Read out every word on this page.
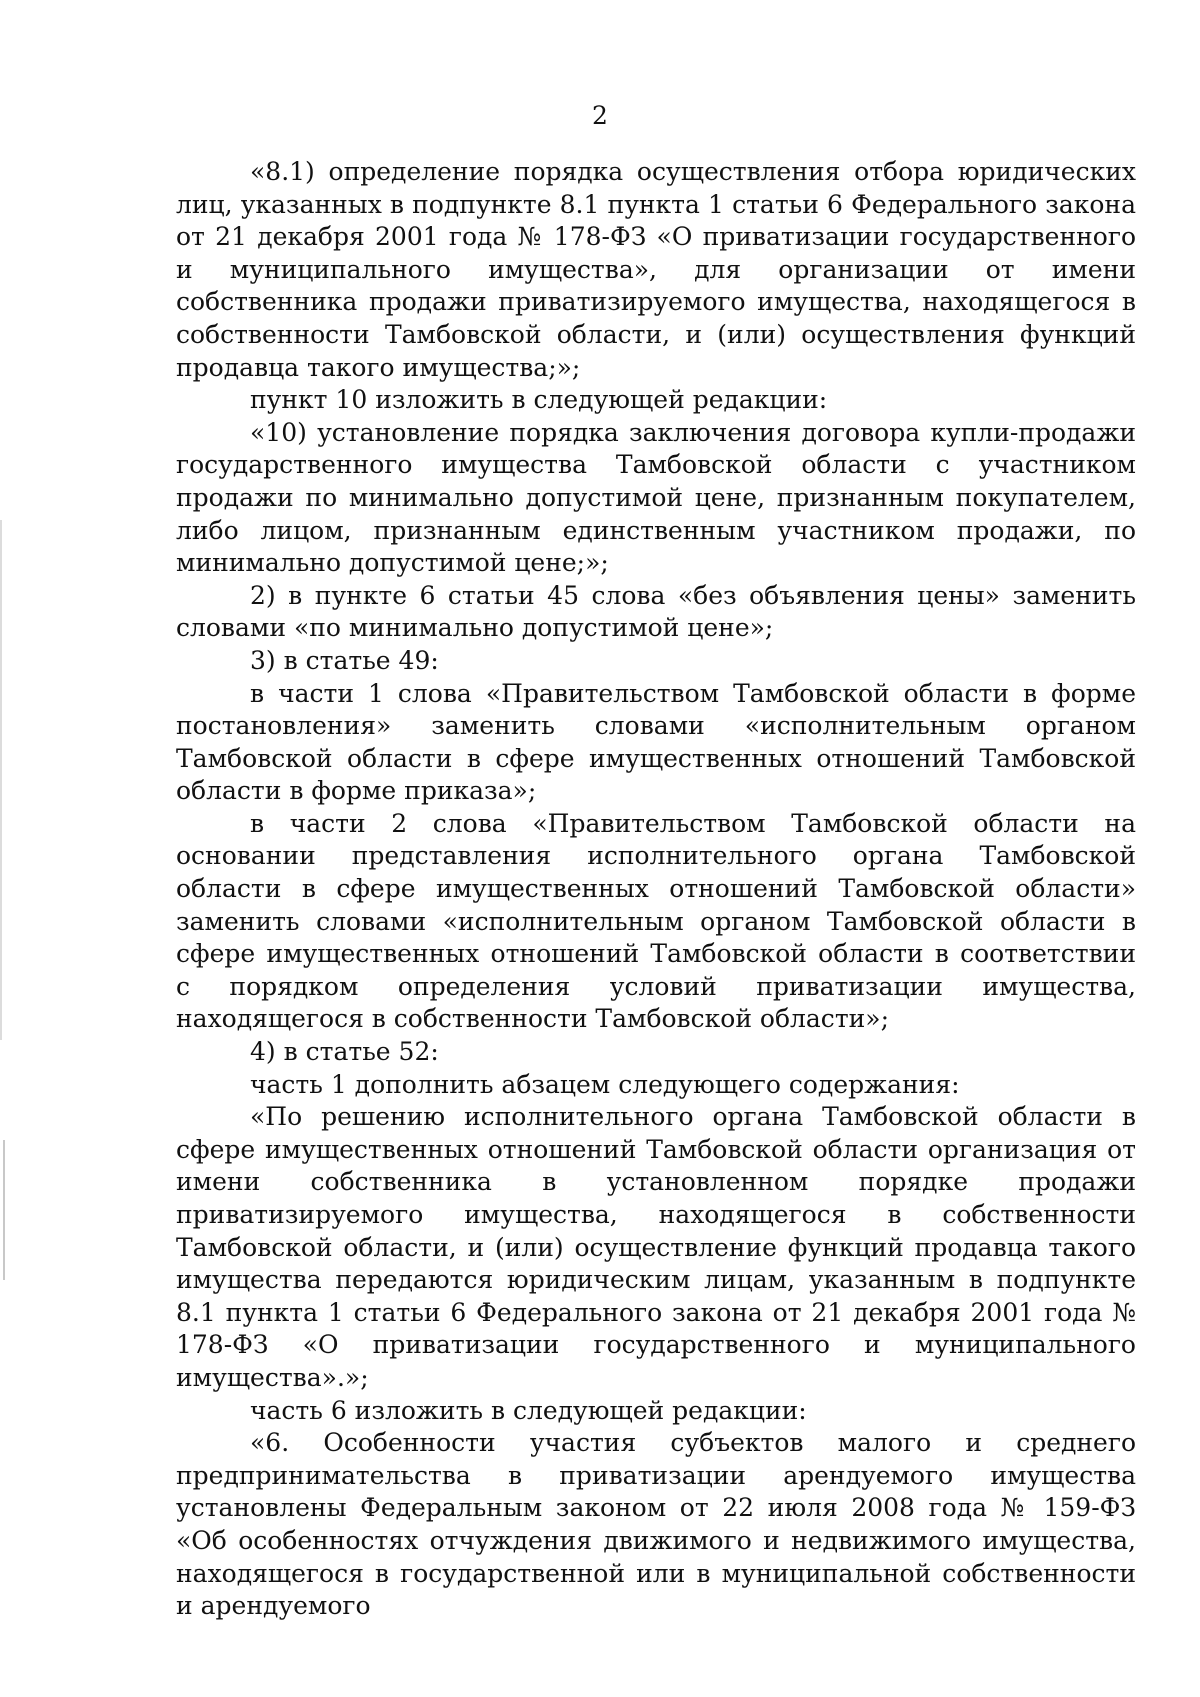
2

«8.1) определение порядка осуществления отбора юридических лиц, указанных в подпункте 8.1 пункта 1 статьи 6 Федерального закона от 21 декабря 2001 года № 178-ФЗ «О приватизации государственного и муниципального имущества», для организации от имени собственника продажи приватизируемого имущества, находящегося в собственности Тамбовской области, и (или) осуществления функций продавца такого имущества;»;

пункт 10 изложить в следующей редакции:

«10) установление порядка заключения договора купли-продажи государственного имущества Тамбовской области с участником продажи по минимально допустимой цене, признанным покупателем, либо лицом, признанным единственным участником продажи, по минимально допустимой цене;»;

2) в пункте 6 статьи 45 слова «без объявления цены» заменить словами «по минимально допустимой цене»;

3) в статье 49:

в части 1 слова «Правительством Тамбовской области в форме постановления» заменить словами «исполнительным органом Тамбовской области в сфере имущественных отношений Тамбовской области в форме приказа»;

в части 2 слова «Правительством Тамбовской области на основании представления исполнительного органа Тамбовской области в сфере имущественных отношений Тамбовской области» заменить словами «исполнительным органом Тамбовской области в сфере имущественных отношений Тамбовской области в соответствии с порядком определения условий приватизации имущества, находящегося в собственности Тамбовской области»;

4) в статье 52:

часть 1 дополнить абзацем следующего содержания:

«По решению исполнительного органа Тамбовской области в сфере имущественных отношений Тамбовской области организация от имени собственника в установленном порядке продажи приватизируемого имущества, находящегося в собственности Тамбовской области, и (или) осуществление функций продавца такого имущества передаются юридическим лицам, указанным в подпункте 8.1 пункта 1 статьи 6 Федерального закона от 21 декабря 2001 года № 178-ФЗ «О приватизации государственного и муниципального имущества».»;

часть 6 изложить в следующей редакции:

«6. Особенности участия субъектов малого и среднего предпринимательства в приватизации арендуемого имущества установлены Федеральным законом от 22 июля 2008 года № 159-ФЗ «Об особенностях отчуждения движимого и недвижимого имущества, находящегося в государственной или в муниципальной собственности и арендуемого
